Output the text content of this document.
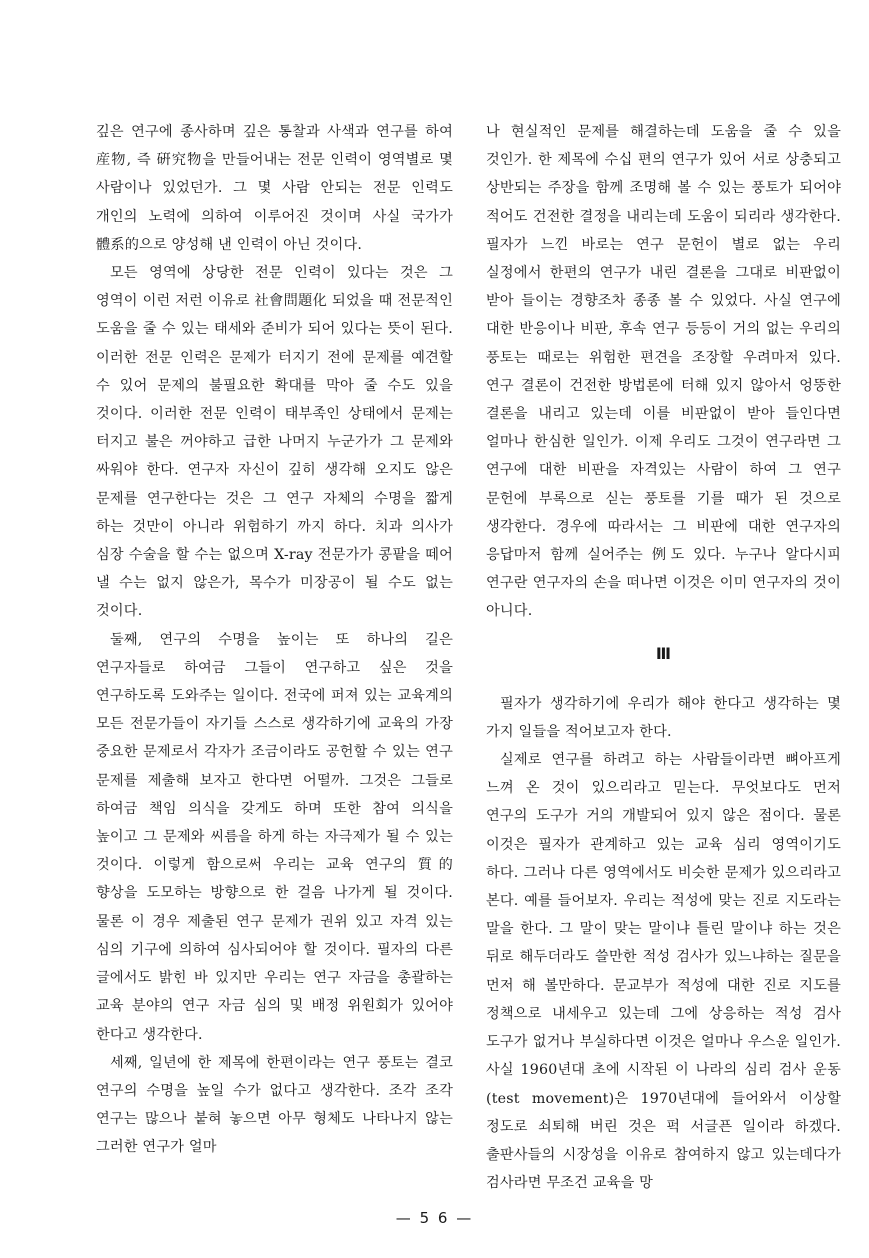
깊은 연구에 종사하며 깊은 통찰과 사색과 연구를 하여 産物, 즉 硏究物을 만들어내는 전문 인력이 영역별로 몇 사람이나 있었던가. 그 몇 사람 안되는 전문 인력도 개인의 노력에 의하여 이루어진 것이며 사실 국가가 體系的으로 양성해 낸 인력이 아닌 것이다.

모든 영역에 상당한 전문 인력이 있다는 것은 그 영역이 이런 저런 이유로 社會問題化 되었을 때 전문적인 도움을 줄 수 있는 태세와 준비가 되어 있다는 뜻이 된다. 이러한 전문 인력은 문제가 터지기 전에 문제를 예견할 수 있어 문제의 불필요한 확대를 막아 줄 수도 있을 것이다. 이러한 전문 인력이 태부족인 상태에서 문제는 터지고 불은 꺼야하고 급한 나머지 누군가가 그 문제와 싸워야 한다. 연구자 자신이 깊히 생각해 오지도 않은 문제를 연구한다는 것은 그 연구 자체의 수명을 짧게 하는 것만이 아니라 위험하기 까지 하다. 치과 의사가 심장 수술을 할 수는 없으며 X-ray 전문가가 콩팥을 떼어 낼 수는 없지 않은가, 목수가 미장공이 될 수도 없는 것이다.

둘째, 연구의 수명을 높이는 또 하나의 길은 연구자들로 하여금 그들이 연구하고 싶은 것을 연구하도록 도와주는 일이다. 전국에 퍼져 있는 교육계의 모든 전문가들이 자기들 스스로 생각하기에 교육의 가장 중요한 문제로서 각자가 조금이라도 공헌할 수 있는 연구 문제를 제출해 보자고 한다면 어떨까. 그것은 그들로 하여금 책임 의식을 갖게도 하며 또한 참여 의식을 높이고 그 문제와 씨름을 하게 하는 자극제가 될 수 있는 것이다. 이렇게 함으로써 우리는 교육 연구의 質的 향상을 도모하는 방향으로 한 걸음 나가게 될 것이다. 물론 이 경우 제출된 연구 문제가 권위 있고 자격 있는 심의 기구에 의하여 심사되어야 할 것이다. 필자의 다른 글에서도 밝힌 바 있지만 우리는 연구 자금을 총괄하는 교육 분야의 연구 자금 심의 및 배정 위원회가 있어야 한다고 생각한다.

세째, 일년에 한 제목에 한편이라는 연구 풍토는 결코 연구의 수명을 높일 수가 없다고 생각한다. 조각 조각 연구는 많으나 붙혀 놓으면 아무 형체도 나타나지 않는 그러한 연구가 얼마

나 현실적인 문제를 해결하는데 도움을 줄 수 있을 것인가. 한 제목에 수십 편의 연구가 있어 서로 상충되고 상반되는 주장을 함께 조명해 볼 수 있는 풍토가 되어야 적어도 건전한 결정을 내리는데 도움이 되리라 생각한다. 필자가 느낀 바로는 연구 문헌이 별로 없는 우리 실정에서 한편의 연구가 내린 결론을 그대로 비판없이 받아 들이는 경향조차 종종 볼 수 있었다. 사실 연구에 대한 반응이나 비판, 후속 연구 등등이 거의 없는 우리의 풍토는 때로는 위험한 편견을 조장할 우려마저 있다. 연구 결론이 건전한 방법론에 터해 있지 않아서 엉뚱한 결론을 내리고 있는데 이를 비판없이 받아 들인다면 얼마나 한심한 일인가. 이제 우리도 그것이 연구라면 그 연구에 대한 비판을 자격있는 사람이 하여 그 연구 문헌에 부록으로 싣는 풍토를 기를 때가 된 것으로 생각한다. 경우에 따라서는 그 비판에 대한 연구자의 응답마저 함께 실어주는 例도 있다. 누구나 알다시피 연구란 연구자의 손을 떠나면 이것은 이미 연구자의 것이 아니다.

Ⅲ

필자가 생각하기에 우리가 해야 한다고 생각하는 몇 가지 일들을 적어보고자 한다.

실제로 연구를 하려고 하는 사람들이라면 뼈아프게 느껴 온 것이 있으리라고 믿는다. 무엇보다도 먼저 연구의 도구가 거의 개발되어 있지 않은 점이다. 물론 이것은 필자가 관계하고 있는 교육 심리 영역이기도 하다. 그러나 다른 영역에서도 비슷한 문제가 있으리라고 본다. 예를 들어보자. 우리는 적성에 맞는 진로 지도라는 말을 한다. 그 말이 맞는 말이냐 틀린 말이냐 하는 것은 뒤로 해두더라도 쓸만한 적성 검사가 있느냐하는 질문을 먼저 해 볼만하다. 문교부가 적성에 대한 진로 지도를 정책으로 내세우고 있는데 그에 상응하는 적성 검사 도구가 없거나 부실하다면 이것은 얼마나 우스운 일인가. 사실 1960년대 초에 시작된 이 나라의 심리 검사 운동(test movement)은 1970년대에 들어와서 이상할 정도로 쇠퇴해 버린 것은 퍽 서글픈 일이라 하겠다. 출판사들의 시장성을 이유로 참여하지 않고 있는데다가 검사라면 무조건 교육을 망

— 5 6 —
